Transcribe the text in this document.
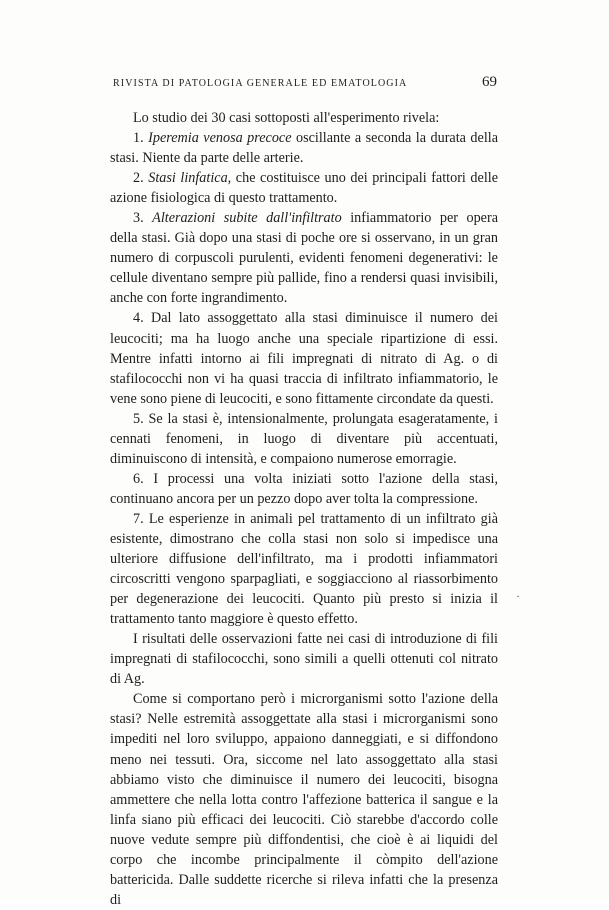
RIVISTA DI PATOLOGIA GENERALE ED EMATOLOGIA	69

Lo studio dei 30 casi sottoposti all'esperimento rivela:

1. Iperemia venosa precoce oscillante a seconda la durata della stasi. Niente da parte delle arterie.

2. Stasi linfatica, che costituisce uno dei principali fattori delle azione fisiologica di questo trattamento.

3. Alterazioni subite dall'infiltrato infiammatorio per opera della stasi. Già dopo una stasi di poche ore si osservano, in un gran numero di corpuscoli purulenti, evidenti fenomeni degenerativi: le cellule diventano sempre più pallide, fino a rendersi quasi invisibili, anche con forte ingrandimento.

4. Dal lato assoggettato alla stasi diminuisce il numero dei leucociti; ma ha luogo anche una speciale ripartizione di essi. Mentre infatti intorno ai fili impregnati di nitrato di Ag. o di stafilococchi non vi ha quasi traccia di infiltrato infiammatorio, le vene sono piene di leucociti, e sono fittamente circondate da questi.

5. Se la stasi è, intensionalmente, prolungata esageratamente, i cennati fenomeni, in luogo di diventare più accentuati, diminuiscono di intensità, e compaiono numerose emorragie.

6. I processi una volta iniziati sotto l'azione della stasi, continuano ancora per un pezzo dopo aver tolta la compressione.

7. Le esperienze in animali pel trattamento di un infiltrato già esistente, dimostrano che colla stasi non solo si impedisce una ulteriore diffusione dell'infiltrato, ma i prodotti infiammatori circoscritti vengono sparpagliati, e soggiacciono al riassorbimento per degenerazione dei leucociti. Quanto più presto si inizia il trattamento tanto maggiore è questo effetto.

I risultati delle osservazioni fatte nei casi di introduzione di fili impregnati di stafilococchi, sono simili a quelli ottenuti col nitrato di Ag.

Come si comportano però i microrganismi sotto l'azione della stasi? Nelle estremità assoggettate alla stasi i microrganismi sono impediti nel loro sviluppo, appaiono danneggiati, e si diffondono meno nei tessuti. Ora, siccome nel lato assoggettato alla stasi abbiamo visto che diminuisce il numero dei leucociti, bisogna ammettere che nella lotta contro l'affezione batterica il sangue e la linfa siano più efficaci dei leucociti. Ciò starebbe d'accordo colle nuove vedute sempre più diffondentisi, che cioè è ai liquidi del corpo che incombe principalmente il còmpito dell'azione battericida. Dalle suddette ricerche si rileva infatti che la presenza di

·
